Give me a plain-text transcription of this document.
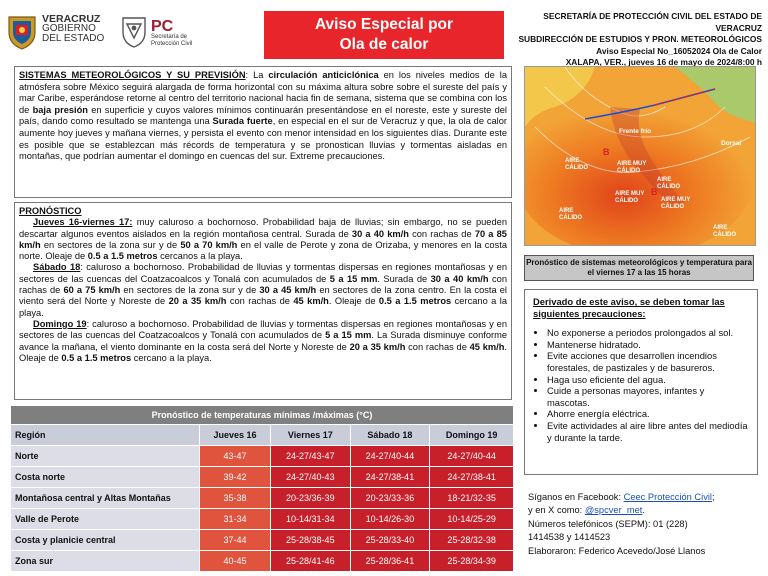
VERACRUZ
GOBIERNO
DEL ESTADO
PC
Secretaría de
Protección Civil
Aviso Especial por
Ola de calor
SECRETARÍA DE PROTECCIÓN CIVIL DEL ESTADO DE VERACRUZ
SUBDIRECCIÓN DE ESTUDIOS Y PRON. METEOROLÓGICOS
Aviso Especial No_16052024 Ola de Calor
XALAPA, VER., jueves 16 de mayo de 2024/8:00 h
SISTEMAS METEOROLÓGICOS Y SU PREVISIÓN: La circulación anticiclónica en los niveles medios de la atmósfera sobre México seguirá alargada de forma horizontal con su máxima altura sobre sobre el sureste del país y mar Caribe, esperándose retorne al centro del territorio nacional hacia fin de semana, sistema que se combina con los de baja presión en superficie y cuyos valores mínimos continuarán presentándose en el noreste, este y sureste del país, dando como resultado se mantenga una Surada fuerte, en especial en el sur de Veracruz y que, la ola de calor aumente hoy jueves y mañana viernes, y persista el evento con menor intensidad en los siguientes días. Durante este es posible que se establezcan más récords de temperatura y se pronostican lluvias y tormentas aisladas en montañas, que podrían aumentar el domingo en cuencas del sur. Extreme precauciones.
PRONÓSTICO
Jueves 16-viernes 17: muy caluroso a bochornoso. Probabilidad baja de lluvias; sin embargo, no se pueden descartar algunos eventos aislados en la región montañosa central. Surada de 30 a 40 km/h con rachas de 70 a 85 km/h en sectores de la zona sur y de 50 a 70 km/h en el valle de Perote y zona de Orizaba, y menores en la costa norte. Oleaje de 0.5 a 1.5 metros cercanos a la playa.
Sábado 18: caluroso a bochornoso. Probabilidad de lluvias y tormentas dispersas en regiones montañosas y en sectores de las cuencas del Coatzacoalcos y Tonalá con acumulados de 5 a 15 mm. Surada de 30 a 40 km/h con rachas de 60 a 75 km/h en sectores de la zona sur y de 30 a 45 km/h en sectores de la zona centro. En la costa el viento será del Norte y Noreste de 20 a 35 km/h con rachas de 45 km/h. Oleaje de 0.5 a 1.5 metros cercano a la playa.
Domingo 19: caluroso a bochornoso. Probabilidad de lluvias y tormentas dispersas en regiones montañosas y en sectores de las cuencas del Coatzacoalcos y Tonalá con acumulados de 5 a 15 mm. La Surada disminuye conforme avance la mañana, el viento dominante en la costa será del Norte y Noreste de 20 a 35 km/h con rachas de 45 km/h. Oleaje de 0.5 a 1.5 metros cercano a la playa.
Pronóstico de temperaturas mínimas /máximas (°C)				
Región	Jueves 16	Viernes 17	Sábado 18	Domingo 19
Norte	43-47	24-27/43-47	24-27/40-44	24-27/40-44
Costa norte	39-42	24-27/40-43	24-27/38-41	24-27/38-41
Montañosa central y Altas Montañas	35-38	20-23/36-39	20-23/33-36	18-21/32-35
Valle de Perote	31-34	10-14/31-34	10-14/26-30	10-14/25-29
Costa y planicie central	37-44	25-28/38-45	25-28/33-40	25-28/32-38
Zona sur	40-45	25-28/41-46	25-28/36-41	25-28/34-39
Frente frío
Dorsal
AIRE
CÁLIDO
AIRE MUY
CÁLIDO
AIRE MUY
CÁLIDO	AIRE MUY
CÁLIDO
AIRE
CÁLIDO
AIRE
CÁLIDO
AIRE
CÁLIDO
B
B
Pronóstico de sistemas meteorológicos y temperatura para el viernes 17 a las 15 horas
Derivado de este aviso, se deben tomar las siguientes precauciones:
• No exponerse a periodos prolongados al sol.
• Mantenerse hidratado.
• Evite acciones que desarrollen incendios forestales, de pastizales y de basureros.
• Haga uso eficiente del agua.
• Cuide a personas mayores, infantes y mascotas.
• Ahorre energía eléctrica.
• Evite actividades al aire libre antes del mediodía y durante la tarde.
Síganos en Facebook: Ceec Protección Civil;
y en X como: @spcver_met.
Números telefónicos (SEPM): 01 (228)
1414538 y 1414523
Elaboraron: Federico Acevedo/José Llanos
